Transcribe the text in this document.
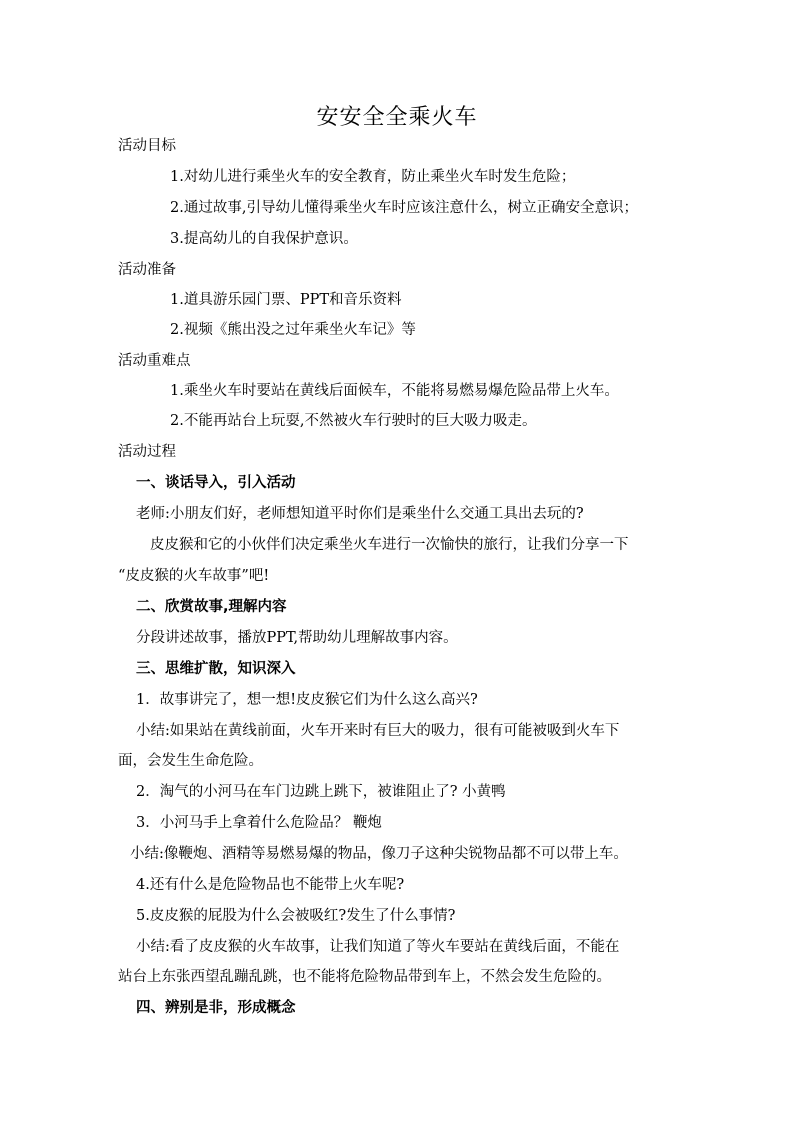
安安全全乘火车
活动目标
1.对幼儿进行乘坐火车的安全教育，防止乘坐火车时发生危险；
2.通过故事,引导幼儿懂得乘坐火车时应该注意什么，树立正确安全意识；
3.提高幼儿的自我保护意识。
活动准备
1.道具游乐园门票、PPT和音乐资料
2.视频《熊出没之过年乘坐火车记》等
活动重难点
1.乘坐火车时要站在黄线后面候车，不能将易燃易爆危险品带上火车。
2.不能再站台上玩耍,不然被火车行驶时的巨大吸力吸走。
活动过程
一、谈话导入，引入活动
老师:小朋友们好，老师想知道平时你们是乘坐什么交通工具出去玩的?
皮皮猴和它的小伙伴们决定乘坐火车进行一次愉快的旅行，让我们分享一下
“皮皮猴的火车故事”吧!
二、欣赏故事,理解内容
分段讲述故事，播放PPT,帮助幼儿理解故事内容。
三、思维扩散，知识深入
1．故事讲完了，想一想!皮皮猴它们为什么这么高兴?
小结:如果站在黄线前面，火车开来时有巨大的吸力，很有可能被吸到火车下
面，会发生生命危险。
2．淘气的小河马在车门边跳上跳下，被谁阻止了? 小黄鸭
3．小河马手上拿着什么危险品？ 鞭炮
小结:像鞭炮、酒精等易燃易爆的物品，像刀子这种尖锐物品都不可以带上车。
4.还有什么是危险物品也不能带上火车呢?
5.皮皮猴的屁股为什么会被吸红?发生了什么事情?
小结:看了皮皮猴的火车故事，让我们知道了等火车要站在黄线后面，不能在
站台上东张西望乱蹦乱跳，也不能将危险物品带到车上，不然会发生危险的。
四、辨别是非，形成概念
